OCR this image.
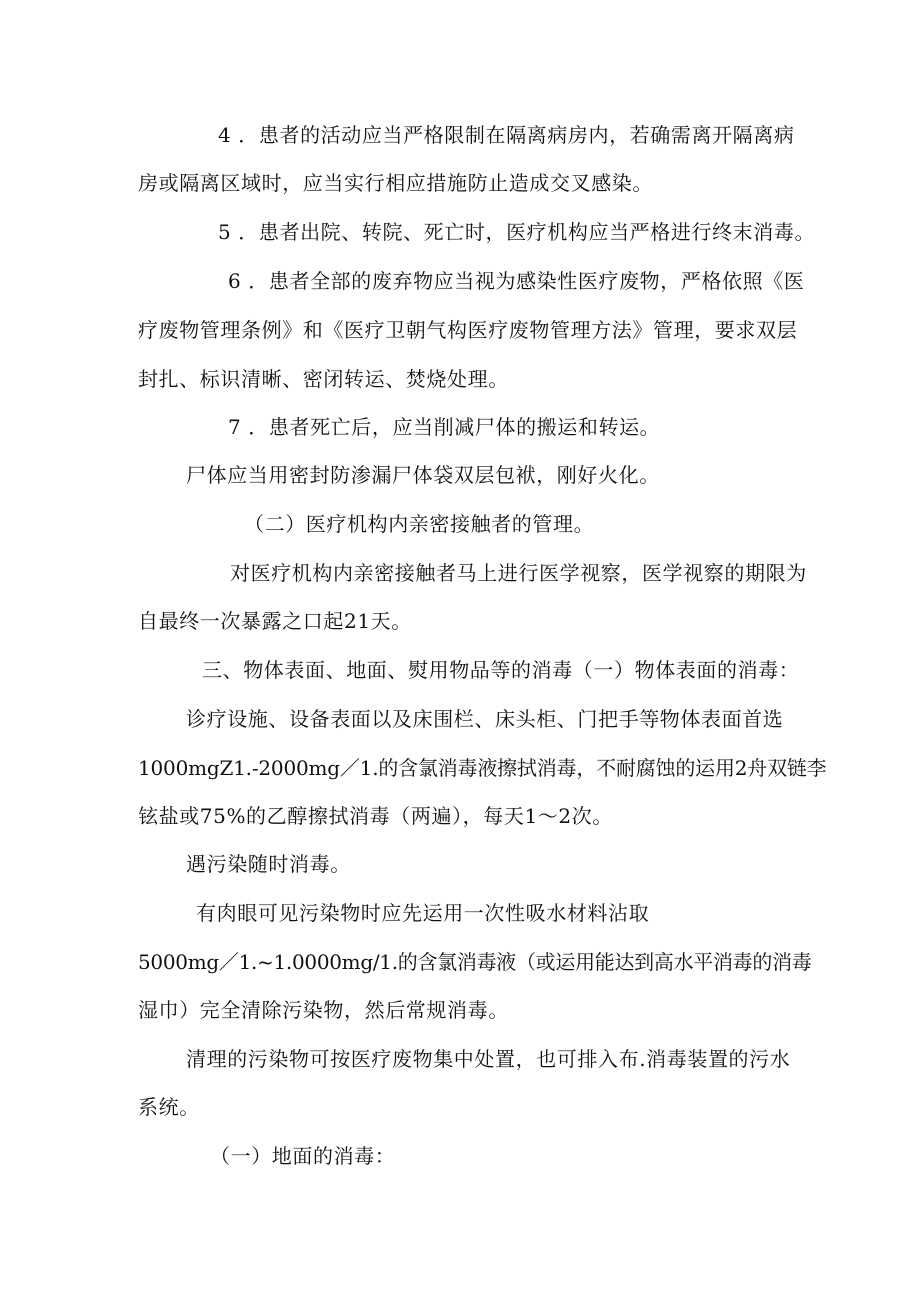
4 ．患者的活动应当严格限制在隔离病房内，若确需离开隔离病
房或隔离区域时，应当实行相应措施防止造成交叉感染。
5 ．患者出院、转院、死亡时，医疗机构应当严格进行终末消毒。
6 ．患者全部的废弃物应当视为感染性医疗废物，严格依照《医
疗废物管理条例》和《医疗卫朝气构医疗废物管理方法》管理，要求双层
封扎、标识清晰、密闭转运、焚烧处理。
7 ．患者死亡后，应当削减尸体的搬运和转运。
尸体应当用密封防渗漏尸体袋双层包袱，刚好火化。
（二）医疗机构内亲密接触者的管理。
对医疗机构内亲密接触者马上进行医学视察，医学视察的期限为
自最终一次暴露之口起21天。
三、物体表面、地面、熨用物品等的消毒（一）物体表面的消毒：
诊疗设施、设备表面以及床围栏、床头柜、门把手等物体表面首选
1000mgZ1.-2000mg／1.的含氯消毒液擦拭消毒，不耐腐蚀的运用2舟双链李
铉盐或75%的乙醇擦拭消毒（两遍），每天1～2次。
遇污染随时消毒。
有肉眼可见污染物时应先运用一次性吸水材料沾取
5000mg／1.~1.0000mg/1.的含氯消毒液（或运用能达到高水平消毒的消毒
湿巾）完全清除污染物，然后常规消毒。
清理的污染物可按医疗废物集中处置，也可排入布.消毒装置的污水
系统。
（一）地面的消毒：
